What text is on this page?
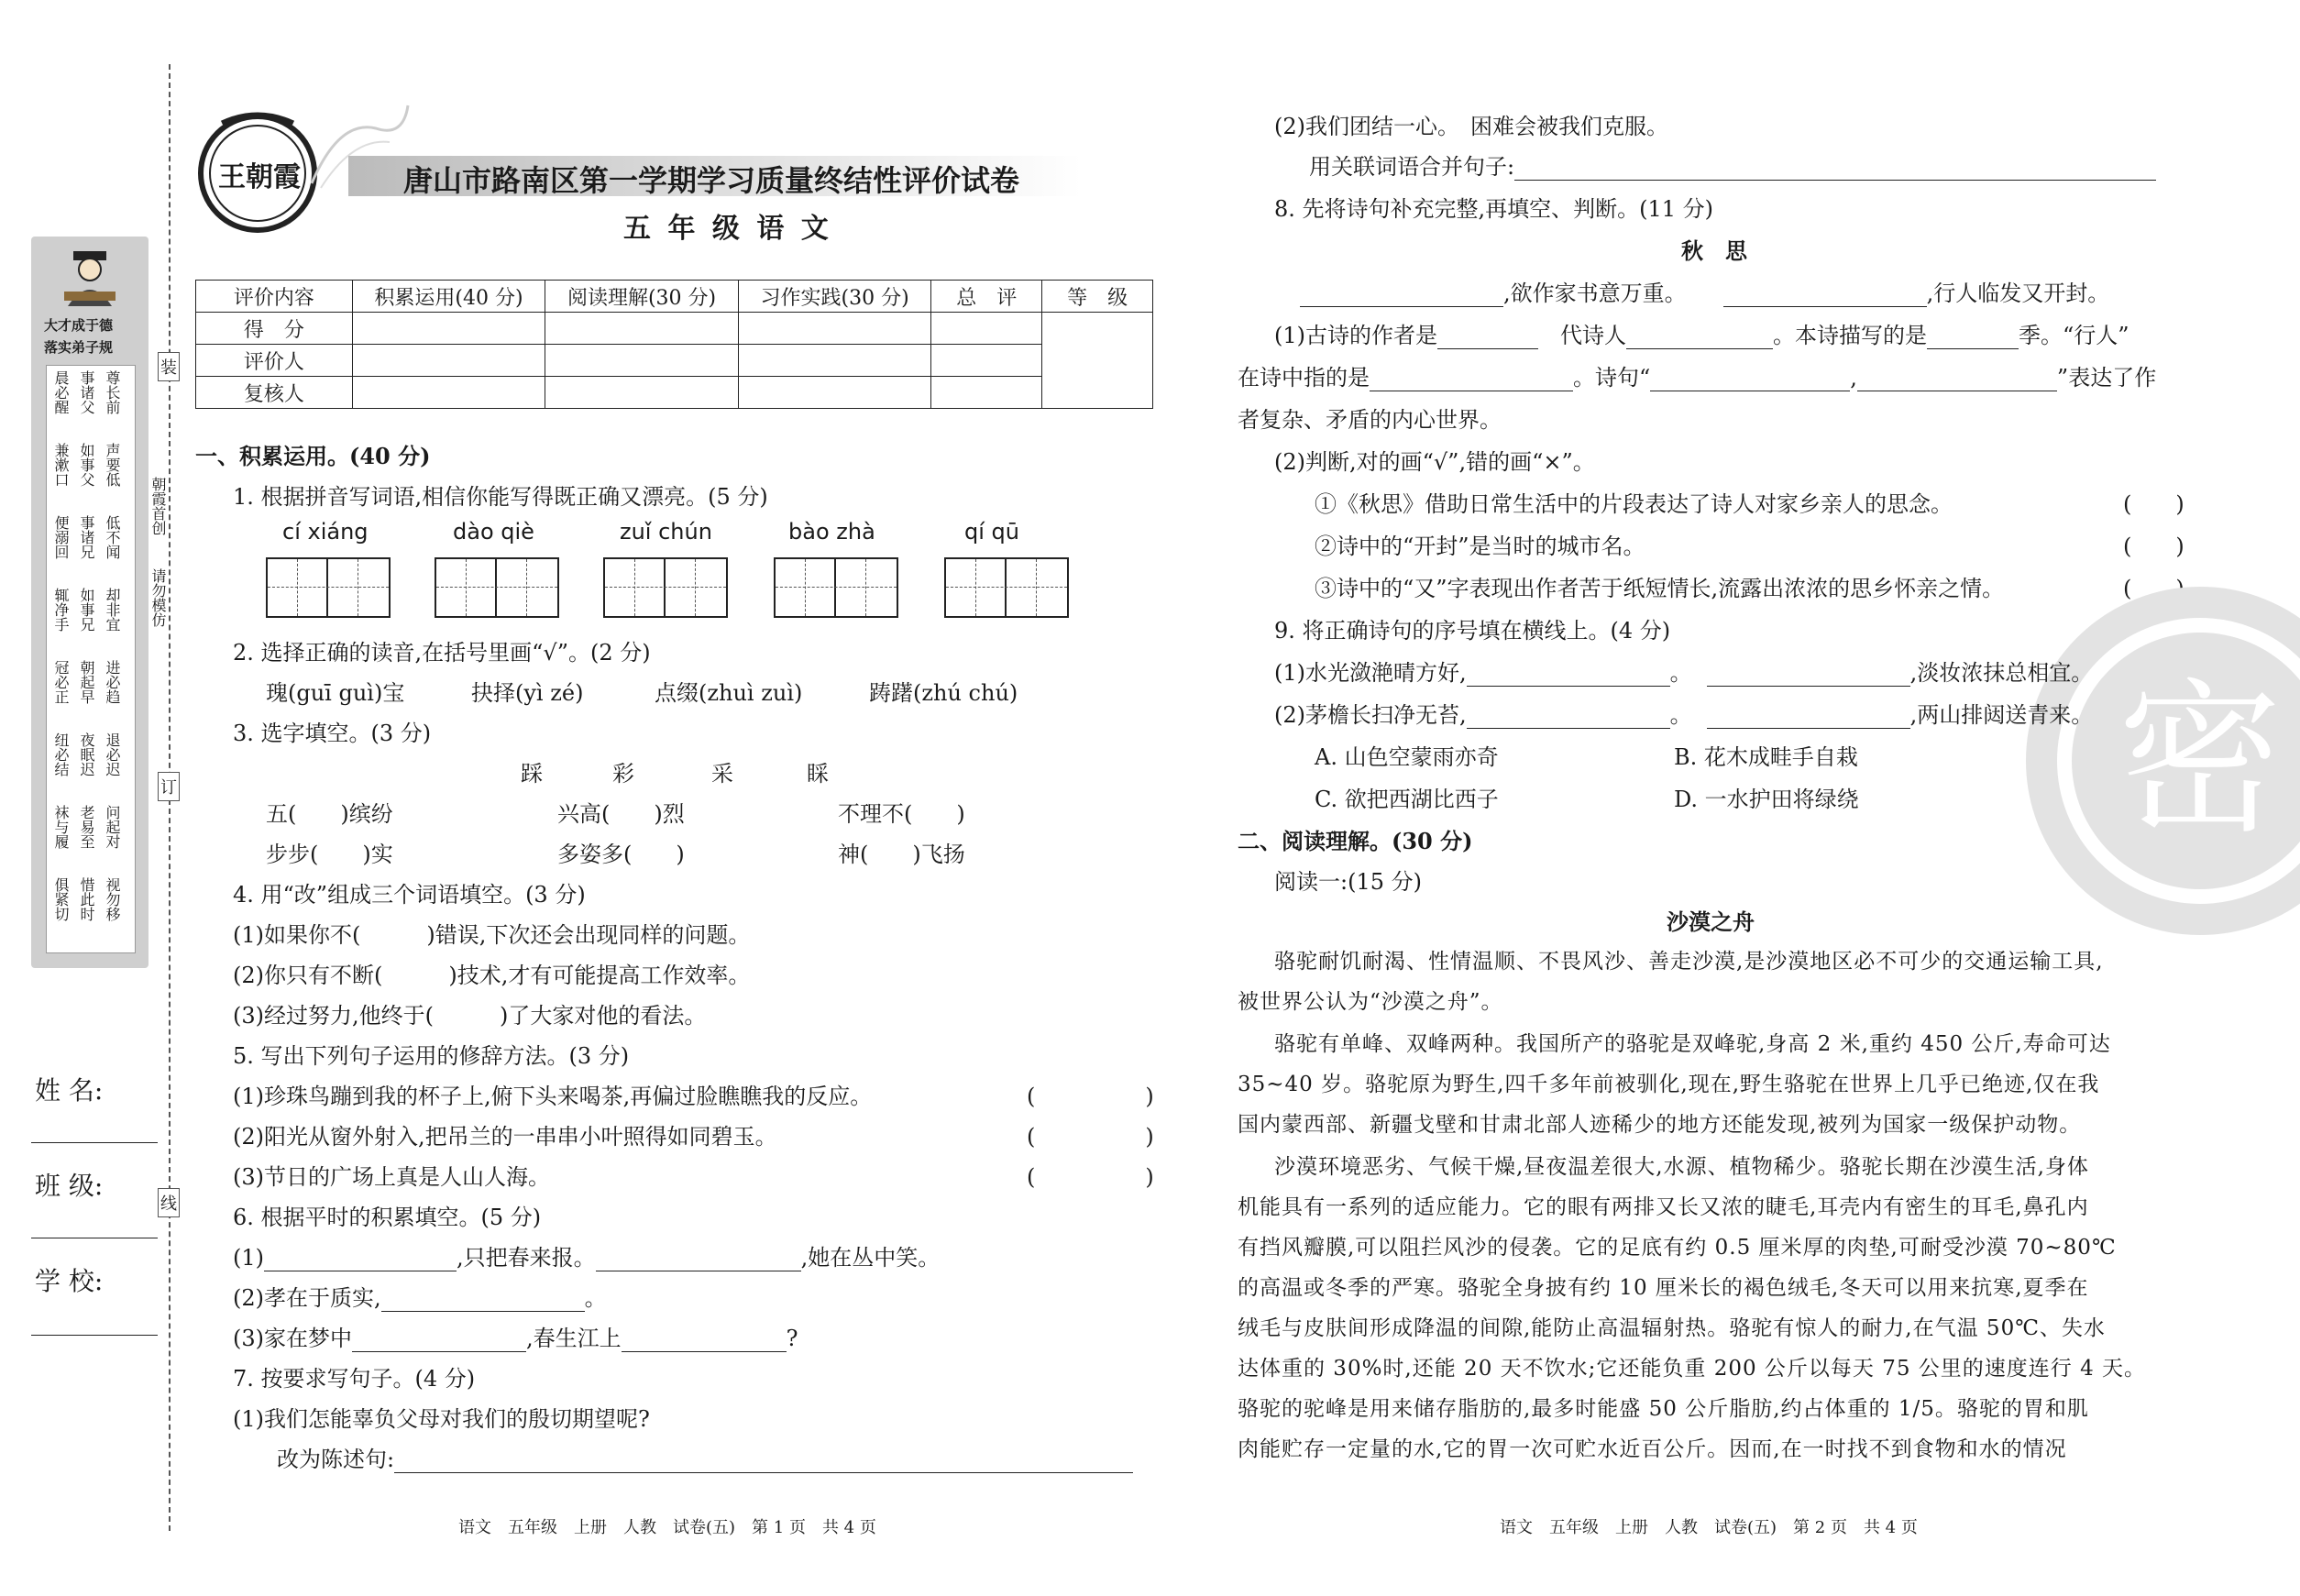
装
订
线
朝霞首创
请勿模仿
大才成于德
落实弟子规
晨必醒 事诸父 尊长前
兼漱口 如事父 声要低
便溺回 事诸兄 低不闻
辄净手 如事兄 却非宜
冠必正 朝起早 进必趋
纽必结 夜眠迟 退必迟
袜与履 老易至 问起对
俱紧切 惜此时 视勿移
姓 名:
班 级:
学 校:
王朝霞	唐山市路南区第一学期学习质量终结性评价试卷
五 年 级 语 文
评价内容	积累运用(40 分)	阅读理解(30 分)	习作实践(30 分)	总　评	等　级
得　分					
评价人					
复核人					
一、积累运用。(40 分)
1. 根据拼音写词语,相信你能写得既正确又漂亮。(5 分)
cí xiáng	dào qiè	zuǐ chún	bào zhà	qí qū
2. 选择正确的读音,在括号里画“√”。(2 分)
瑰(guī guì)宝	抉择(yì zé)	点缀(zhuì zuì)	踌躇(zhú chú)
3. 选字填空。(3 分)
踩	彩	采	睬
五(　　)缤纷	兴高(　　)烈	不理不(　　)
步步(　　)实	多姿多(　　)	神(　　)飞扬
4. 用“改”组成三个词语填空。(3 分)
(1)如果你不(　　　)错误,下次还会出现同样的问题。
(2)你只有不断(　　　)技术,才有可能提高工作效率。
(3)经过努力,他终于(　　　)了大家对他的看法。
5. 写出下列句子运用的修辞方法。(3 分)
(1)珍珠鸟蹦到我的杯子上,俯下头来喝茶,再偏过脸瞧瞧我的反应。	(　　　　　)
(2)阳光从窗外射入,把吊兰的一串串小叶照得如同碧玉。	(　　　　　)
(3)节日的广场上真是人山人海。	(　　　　　)
6. 根据平时的积累填空。(5 分)
(1)	,只把春来报。	,她在丛中笑。
(2)孝在于质实,	。
(3)家在梦中	,春生江上	?
7. 按要求写句子。(4 分)
(1)我们怎能辜负父母对我们的殷切期望呢?
改为陈述句:
语文　五年级　上册　人教　试卷(五)　第 1 页　共 4 页
(2)我们团结一心。　困难会被我们克服。
用关联词语合并句子:
8. 先将诗句补充完整,再填空、判断。(11 分)
秋　思
,欲作家书意万重。	,行人临发又开封。
(1)古诗的作者是　	代诗人	。本诗描写的是	季。“行人”
在诗中指的是	。诗句“	,	”表达了作
者复杂、矛盾的内心世界。
(2)判断,对的画“√”,错的画“×”。
①《秋思》借助日常生活中的片段表达了诗人对家乡亲人的思念。	(　　)
②诗中的“开封”是当时的城市名。	(　　)
③诗中的“又”字表现出作者苦于纸短情长,流露出浓浓的思乡怀亲之情。	(　　)
密
9. 将正确诗句的序号填在横线上。(4 分)
(1)水光潋滟晴方好,	。	,淡妆浓抹总相宜。
(2)茅檐长扫净无苔,	。	,两山排闼送青来。
A. 山色空蒙雨亦奇	B. 花木成畦手自栽
C. 欲把西湖比西子	D. 一水护田将绿绕
二、阅读理解。(30 分)
阅读一:(15 分)
沙漠之舟
骆驼耐饥耐渴、性情温顺、不畏风沙、善走沙漠,是沙漠地区必不可少的交通运输工具,
被世界公认为“沙漠之舟”。
骆驼有单峰、双峰两种。我国所产的骆驼是双峰驼,身高 2 米,重约 450 公斤,寿命可达
35~40 岁。骆驼原为野生,四千多年前被驯化,现在,野生骆驼在世界上几乎已绝迹,仅在我
国内蒙西部、新疆戈壁和甘肃北部人迹稀少的地方还能发现,被列为国家一级保护动物。
沙漠环境恶劣、气候干燥,昼夜温差很大,水源、植物稀少。骆驼长期在沙漠生活,身体
机能具有一系列的适应能力。它的眼有两排又长又浓的睫毛,耳壳内有密生的耳毛,鼻孔内
有挡风瓣膜,可以阻拦风沙的侵袭。它的足底有约 0.5 厘米厚的肉垫,可耐受沙漠 70~80℃
的高温或冬季的严寒。骆驼全身披有约 10 厘米长的褐色绒毛,冬天可以用来抗寒,夏季在
绒毛与皮肤间形成降温的间隙,能防止高温辐射热。骆驼有惊人的耐力,在气温 50℃、失水
达体重的 30%时,还能 20 天不饮水;它还能负重 200 公斤以每天 75 公里的速度连行 4 天。
骆驼的驼峰是用来储存脂肪的,最多时能盛 50 公斤脂肪,约占体重的 1/5。骆驼的胃和肌
肉能贮存一定量的水,它的胃一次可贮水近百公斤。因而,在一时找不到食物和水的情况
语文　五年级　上册　人教　试卷(五)　第 2 页　共 4 页
